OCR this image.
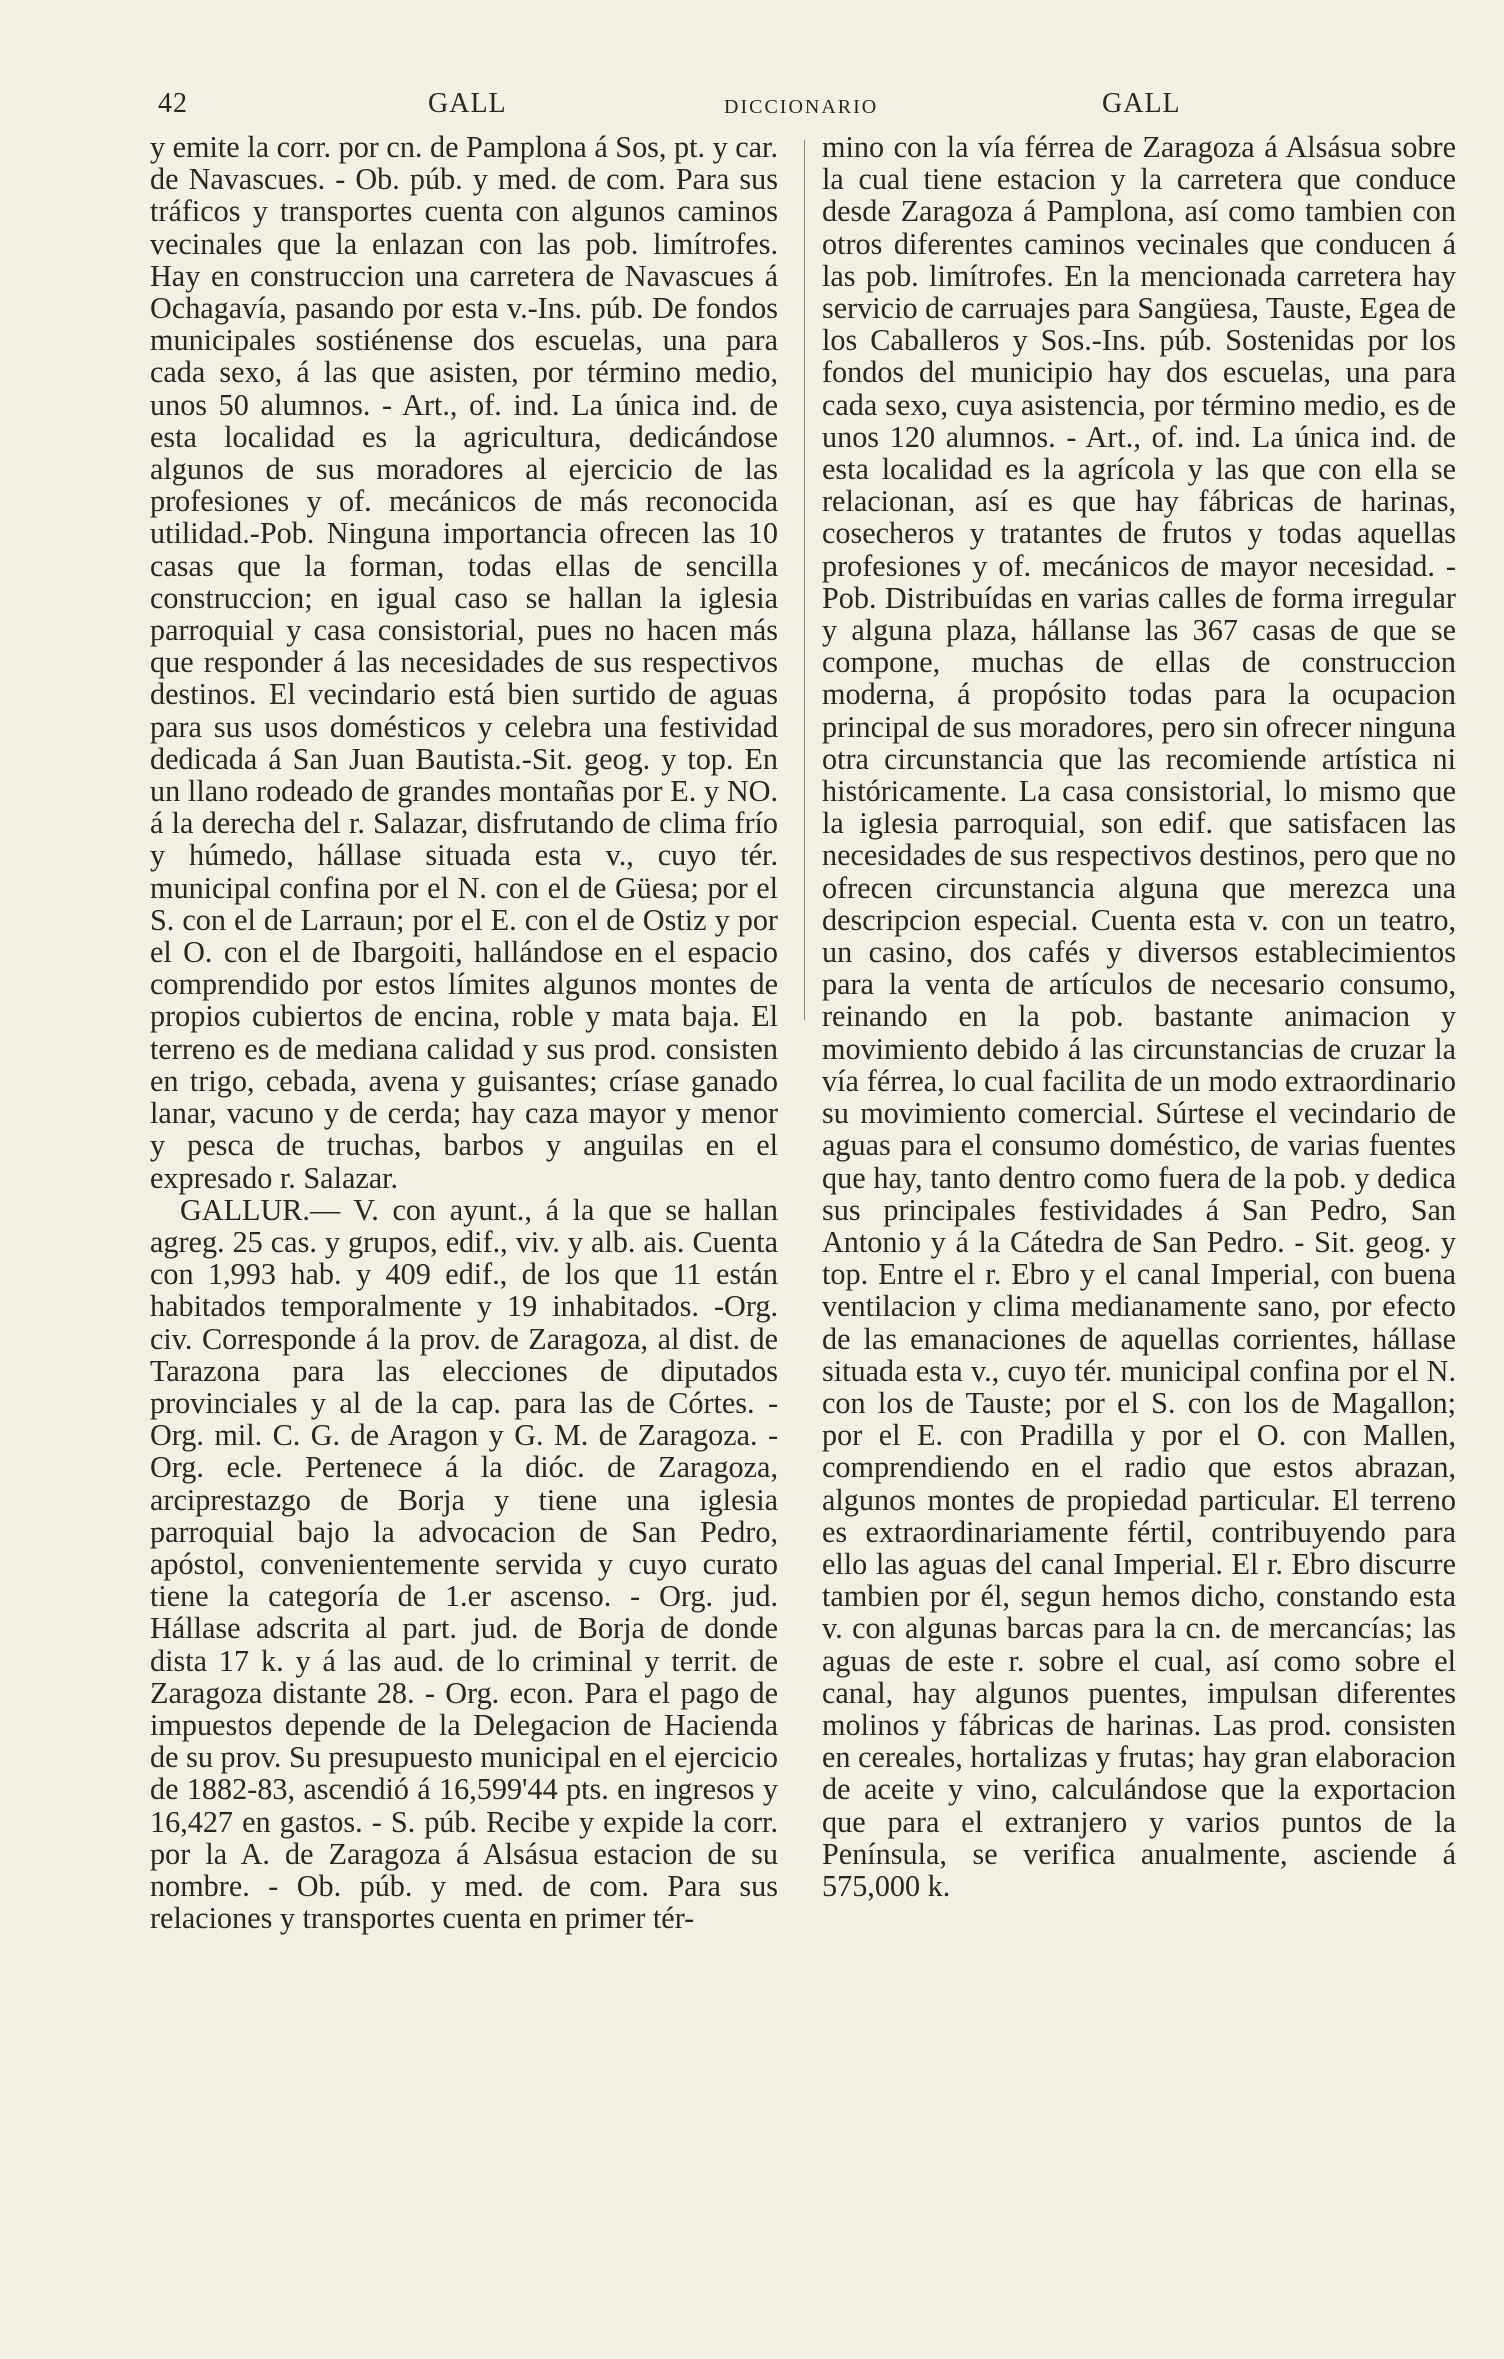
42	GALL	DICCIONARIO	GALL

y emite la corr. por cn. de Pamplona á Sos, pt. y car. de Navascues. - Ob. púb. y med. de com. Para sus tráficos y transportes cuenta con algunos caminos vecinales que la enlazan con las pob. limítrofes. Hay en construccion una carretera de Navascues á Ochagavía, pasando por esta v.-Ins. púb. De fondos municipales sostiénense dos escuelas, una para cada sexo, á las que asisten, por término medio, unos 50 alumnos. - Art., of. ind. La única ind. de esta localidad es la agricultura, dedicándose algunos de sus moradores al ejercicio de las profesiones y of. mecánicos de más reconocida utilidad.-Pob. Ninguna importancia ofrecen las 10 casas que la forman, todas ellas de sencilla construccion; en igual caso se hallan la iglesia parroquial y casa consistorial, pues no hacen más que responder á las necesidades de sus respectivos destinos. El vecindario está bien surtido de aguas para sus usos domésticos y celebra una festividad dedicada á San Juan Bautista.-Sit. geog. y top. En un llano rodeado de grandes montañas por E. y NO. á la derecha del r. Salazar, disfrutando de clima frío y húmedo, hállase situada esta v., cuyo tér. municipal confina por el N. con el de Güesa; por el S. con el de Larraun; por el E. con el de Ostiz y por el O. con el de Ibargoiti, hallándose en el espacio comprendido por estos límites algunos montes de propios cubiertos de encina, roble y mata baja. El terreno es de mediana calidad y sus prod. consisten en trigo, cebada, avena y guisantes; críase ganado lanar, vacuno y de cerda; hay caza mayor y menor y pesca de truchas, barbos y anguilas en el expresado r. Salazar.

GALLUR.— V. con ayunt., á la que se hallan agreg. 25 cas. y grupos, edif., viv. y alb. ais. Cuenta con 1,993 hab. y 409 edif., de los que 11 están habitados temporalmente y 19 inhabitados. -Org. civ. Corresponde á la prov. de Zaragoza, al dist. de Tarazona para las elecciones de diputados provinciales y al de la cap. para las de Córtes. - Org. mil. C. G. de Aragon y G. M. de Zaragoza. -Org. ecle. Pertenece á la dióc. de Zaragoza, arciprestazgo de Borja y tiene una iglesia parroquial bajo la advocacion de San Pedro, apóstol, convenientemente servida y cuyo curato tiene la categoría de 1.er ascenso. - Org. jud. Hállase adscrita al part. jud. de Borja de donde dista 17 k. y á las aud. de lo criminal y territ. de Zaragoza distante 28. - Org. econ. Para el pago de impuestos depende de la Delegacion de Hacienda de su prov. Su presupuesto municipal en el ejercicio de 1882-83, ascendió á 16,599'44 pts. en ingresos y 16,427 en gastos. - S. púb. Recibe y expide la corr. por la A. de Zaragoza á Alsásua estacion de su nombre. - Ob. púb. y med. de com. Para sus relaciones y transportes cuenta en primer tér-

mino con la vía férrea de Zaragoza á Alsásua sobre la cual tiene estacion y la carretera que conduce desde Zaragoza á Pamplona, así como tambien con otros diferentes caminos vecinales que conducen á las pob. limítrofes. En la mencionada carretera hay servicio de carruajes para Sangüesa, Tauste, Egea de los Caballeros y Sos.-Ins. púb. Sostenidas por los fondos del municipio hay dos escuelas, una para cada sexo, cuya asistencia, por término medio, es de unos 120 alumnos. - Art., of. ind. La única ind. de esta localidad es la agrícola y las que con ella se relacionan, así es que hay fábricas de harinas, cosecheros y tratantes de frutos y todas aquellas profesiones y of. mecánicos de mayor necesidad. -Pob. Distribuídas en varias calles de forma irregular y alguna plaza, hállanse las 367 casas de que se compone, muchas de ellas de construccion moderna, á propósito todas para la ocupacion principal de sus moradores, pero sin ofrecer ninguna otra circunstancia que las recomiende artística ni históricamente. La casa consistorial, lo mismo que la iglesia parroquial, son edif. que satisfacen las necesidades de sus respectivos destinos, pero que no ofrecen circunstancia alguna que merezca una descripcion especial. Cuenta esta v. con un teatro, un casino, dos cafés y diversos establecimientos para la venta de artículos de necesario consumo, reinando en la pob. bastante animacion y movimiento debido á las circunstancias de cruzar la vía férrea, lo cual facilita de un modo extraordinario su movimiento comercial. Súrtese el vecindario de aguas para el consumo doméstico, de varias fuentes que hay, tanto dentro como fuera de la pob. y dedica sus principales festividades á San Pedro, San Antonio y á la Cátedra de San Pedro. - Sit. geog. y top. Entre el r. Ebro y el canal Imperial, con buena ventilacion y clima medianamente sano, por efecto de las emanaciones de aquellas corrientes, hállase situada esta v., cuyo tér. municipal confina por el N. con los de Tauste; por el S. con los de Magallon; por el E. con Pradilla y por el O. con Mallen, comprendiendo en el radio que estos abrazan, algunos montes de propiedad particular. El terreno es extraordinariamente fértil, contribuyendo para ello las aguas del canal Imperial. El r. Ebro discurre tambien por él, segun hemos dicho, constando esta v. con algunas barcas para la cn. de mercancías; las aguas de este r. sobre el cual, así como sobre el canal, hay algunos puentes, impulsan diferentes molinos y fábricas de harinas. Las prod. consisten en cereales, hortalizas y frutas; hay gran elaboracion de aceite y vino, calculándose que la exportacion que para el extranjero y varios puntos de la Península, se verifica anualmente, asciende á 575,000 k.
